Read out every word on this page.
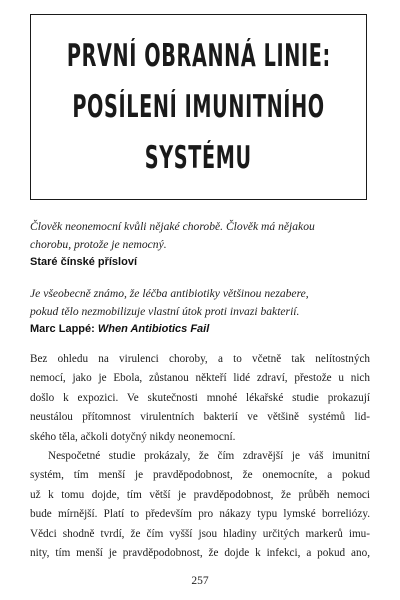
PRVNÍ OBRANNÁ LINIE:
POSÍLENÍ IMUNITNÍHO
SYSTÉMU
Člověk neonemocní kvůli nějaké chorobě. Člověk má nějakou
chorobu, protože je nemocný.
Staré čínské přísloví
Je všeobecně známo, že léčba antibiotiky většinou nezabere,
pokud tělo nezmobilizuje vlastní útok proti invazi bakterií.
Marc Lappé: When Antibiotics Fail
Bez ohledu na virulenci choroby, a to včetně tak nelítostných
nemocí, jako je Ebola, zůstanou někteří lidé zdraví, přestože u nich
došlo k expozici. Ve skutečnosti mnohé lékařské studie prokazují
neustálou přítomnost virulentních bakterií ve většině systémů lid-
ského těla, ačkoli dotyčný nikdy neonemocní.
Nespočetné studie prokázaly, že čím zdravější je váš imunitní
systém, tím menší je pravděpodobnost, že onemocníte, a pokud
už k tomu dojde, tím větší je pravděpodobnost, že průběh nemoci
bude mírnější. Platí to především pro nákazy typu lymské borreliózy.
Vědci shodně tvrdí, že čím vyšší jsou hladiny určitých markerů imu-
nity, tím menší je pravděpodobnost, že dojde k infekci, a pokud ano,
257
